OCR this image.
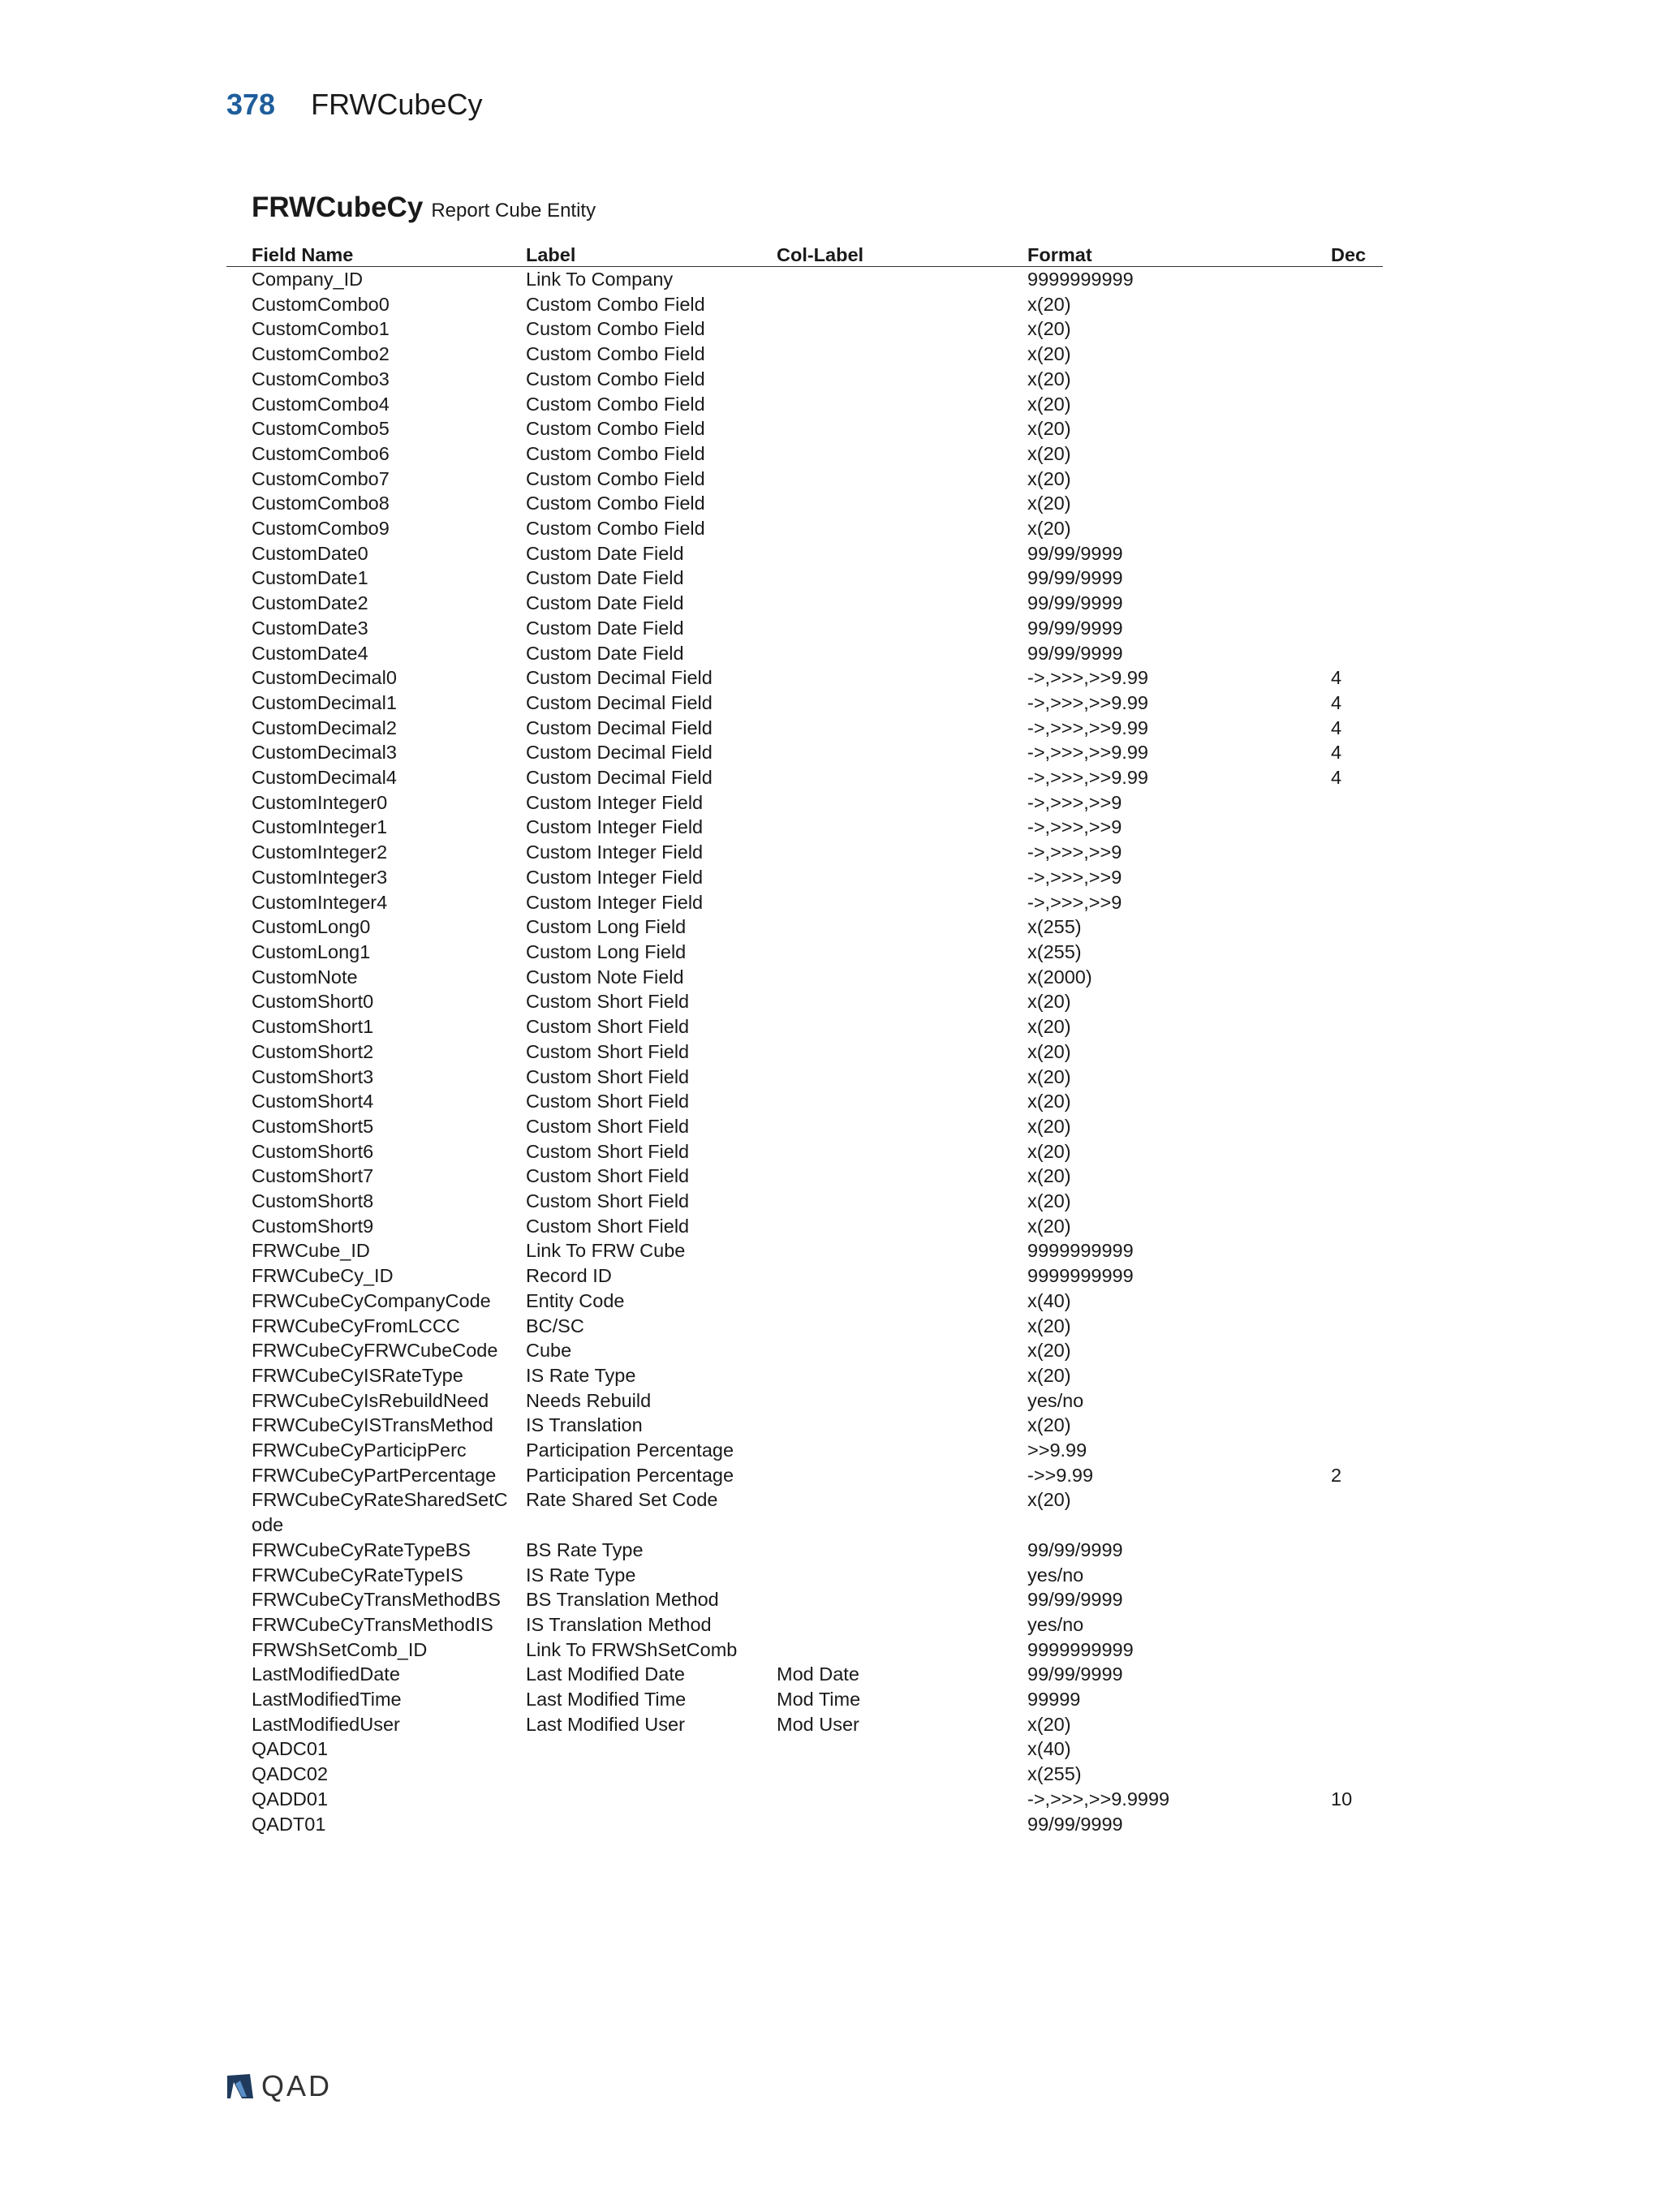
378 FRWCubeCy
FRWCubeCy Report Cube Entity
Field Name	Label	Col-Label	Format	Dec
Company_ID	Link To Company		9999999999	
CustomCombo0	Custom Combo Field		x(20)	
CustomCombo1	Custom Combo Field		x(20)	
CustomCombo2	Custom Combo Field		x(20)	
CustomCombo3	Custom Combo Field		x(20)	
CustomCombo4	Custom Combo Field		x(20)	
CustomCombo5	Custom Combo Field		x(20)	
CustomCombo6	Custom Combo Field		x(20)	
CustomCombo7	Custom Combo Field		x(20)	
CustomCombo8	Custom Combo Field		x(20)	
CustomCombo9	Custom Combo Field		x(20)	
CustomDate0	Custom Date Field		99/99/9999	
CustomDate1	Custom Date Field		99/99/9999	
CustomDate2	Custom Date Field		99/99/9999	
CustomDate3	Custom Date Field		99/99/9999	
CustomDate4	Custom Date Field		99/99/9999	
CustomDecimal0	Custom Decimal Field		->,>>>,>>9.99	4
CustomDecimal1	Custom Decimal Field		->,>>>,>>9.99	4
CustomDecimal2	Custom Decimal Field		->,>>>,>>9.99	4
CustomDecimal3	Custom Decimal Field		->,>>>,>>9.99	4
CustomDecimal4	Custom Decimal Field		->,>>>,>>9.99	4
CustomInteger0	Custom Integer Field		->,>>>,>>9	
CustomInteger1	Custom Integer Field		->,>>>,>>9	
CustomInteger2	Custom Integer Field		->,>>>,>>9	
CustomInteger3	Custom Integer Field		->,>>>,>>9	
CustomInteger4	Custom Integer Field		->,>>>,>>9	
CustomLong0	Custom Long Field		x(255)	
CustomLong1	Custom Long Field		x(255)	
CustomNote	Custom Note Field		x(2000)	
CustomShort0	Custom Short Field		x(20)	
CustomShort1	Custom Short Field		x(20)	
CustomShort2	Custom Short Field		x(20)	
CustomShort3	Custom Short Field		x(20)	
CustomShort4	Custom Short Field		x(20)	
CustomShort5	Custom Short Field		x(20)	
CustomShort6	Custom Short Field		x(20)	
CustomShort7	Custom Short Field		x(20)	
CustomShort8	Custom Short Field		x(20)	
CustomShort9	Custom Short Field		x(20)	
FRWCube_ID	Link To FRW Cube		9999999999	
FRWCubeCy_ID	Record ID		9999999999	
FRWCubeCyCompanyCode	Entity Code		x(40)	
FRWCubeCyFromLCCC	BC/SC		x(20)	
FRWCubeCyFRWCubeCode	Cube		x(20)	
FRWCubeCyISRateType	IS Rate Type		x(20)	
FRWCubeCyIsRebuildNeed	Needs Rebuild		yes/no	
FRWCubeCyISTransMethod	IS Translation		x(20)	
FRWCubeCyParticipPerc	Participation Percentage		>>9.99	
FRWCubeCyPartPercentage	Participation Percentage		->>9.99	2
FRWCubeCyRateSharedSetCode	Rate Shared Set Code		x(20)	
FRWCubeCyRateTypeBS	BS Rate Type		99/99/9999	
FRWCubeCyRateTypeIS	IS Rate Type		yes/no	
FRWCubeCyTransMethodBS	BS Translation Method		99/99/9999	
FRWCubeCyTransMethodIS	IS Translation Method		yes/no	
FRWShSetComb_ID	Link To FRWShSetComb		9999999999	
LastModifiedDate	Last Modified Date	Mod Date	99/99/9999	
LastModifiedTime	Last Modified Time	Mod Time	99999	
LastModifiedUser	Last Modified User	Mod User	x(20)	
QADC01			x(40)	
QADC02			x(255)	
QADD01			->,>>>,>>9.9999	10
QADT01			99/99/9999	
QAD
